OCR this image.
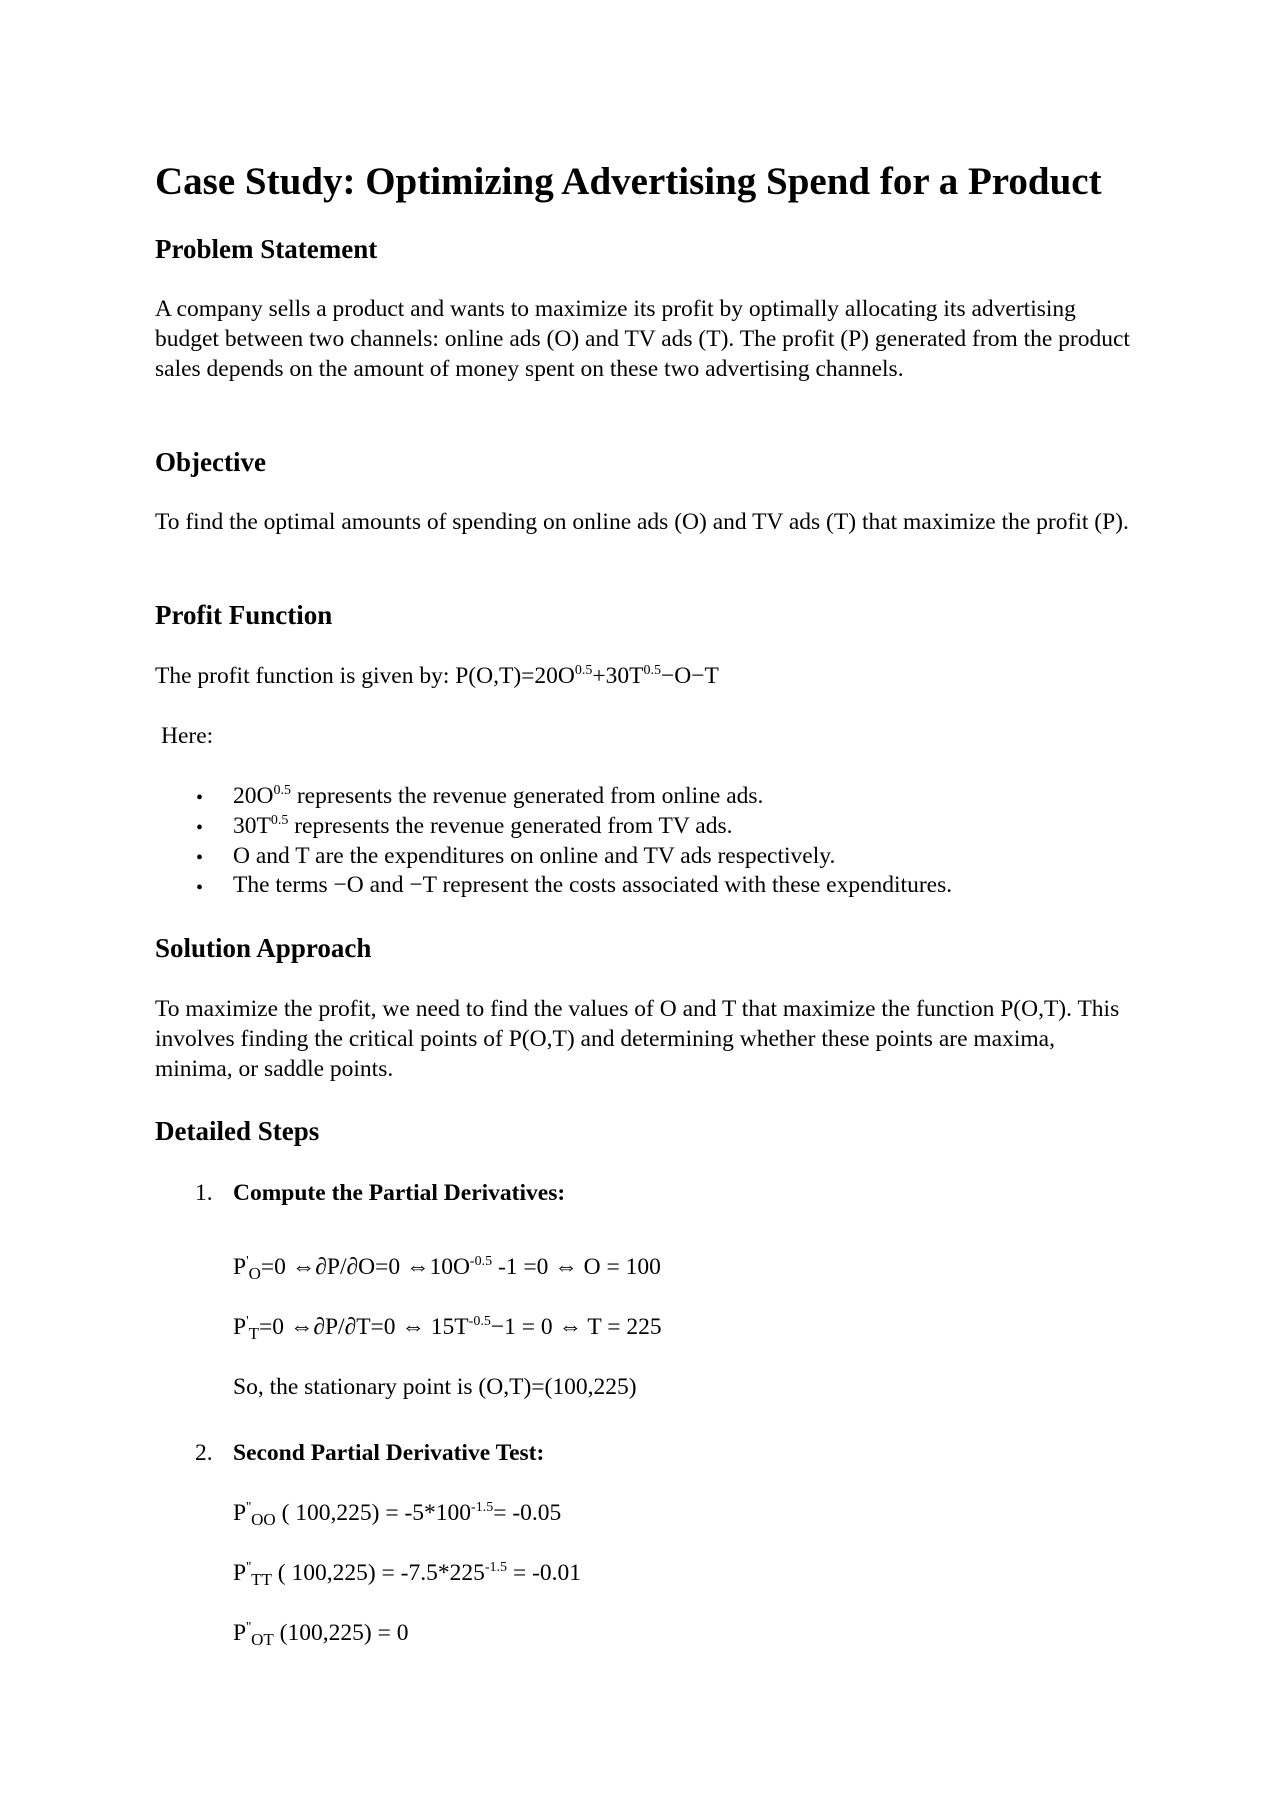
Case Study: Optimizing Advertising Spend for a Product
Problem Statement

A company sells a product and wants to maximize its profit by optimally allocating its advertising budget between two channels: online ads (O) and TV ads (T). The profit (P) generated from the product sales depends on the amount of money spent on these two advertising channels.

Objective

To find the optimal amounts of spending on online ads (O) and TV ads (T) that maximize the profit (P).

Profit Function
The profit function is given by: $P(O,T)=20O^{0.5}+30T^{0.5}-O-T$
Here:
• $20O^{0.5}$ represents the revenue generated from online ads.
• $30T^{0.5}$ represents the revenue generated from TV ads.
• O and T are the expenditures on online and TV ads respectively.
• The terms −O and −T represent the costs associated with these expenditures.
Solution Approach

To maximize the profit, we need to find the values of O and T that maximize the function P(O,T). This involves finding the critical points of P(O,T) and determining whether these points are maxima, minima, or saddle points.

Detailed Steps
1. Compute the Partial Derivatives:
$P'_O=0$ ⇔∂P/∂O=0 $\Leftrightarrow 10O^{-0.5}$ -1 =0 ⇔ O = 100
$P'_T=0$ ⇔∂P/∂T=0 ⇔ $15T^{-0.5}-1 = 0$ ⇔ T = 225
So, the stationary point is (O,T)=(100,225)
2. Second Partial Derivative Test:
$P''_{OO}$ ( $100,225) = -5*100^{-1.5}= -0.05$
$P''_{TT}$ ( $100,225) = -7.5*225^{-1.5} = -0.01$
$P''_{OT}$ (100,225) = 0
